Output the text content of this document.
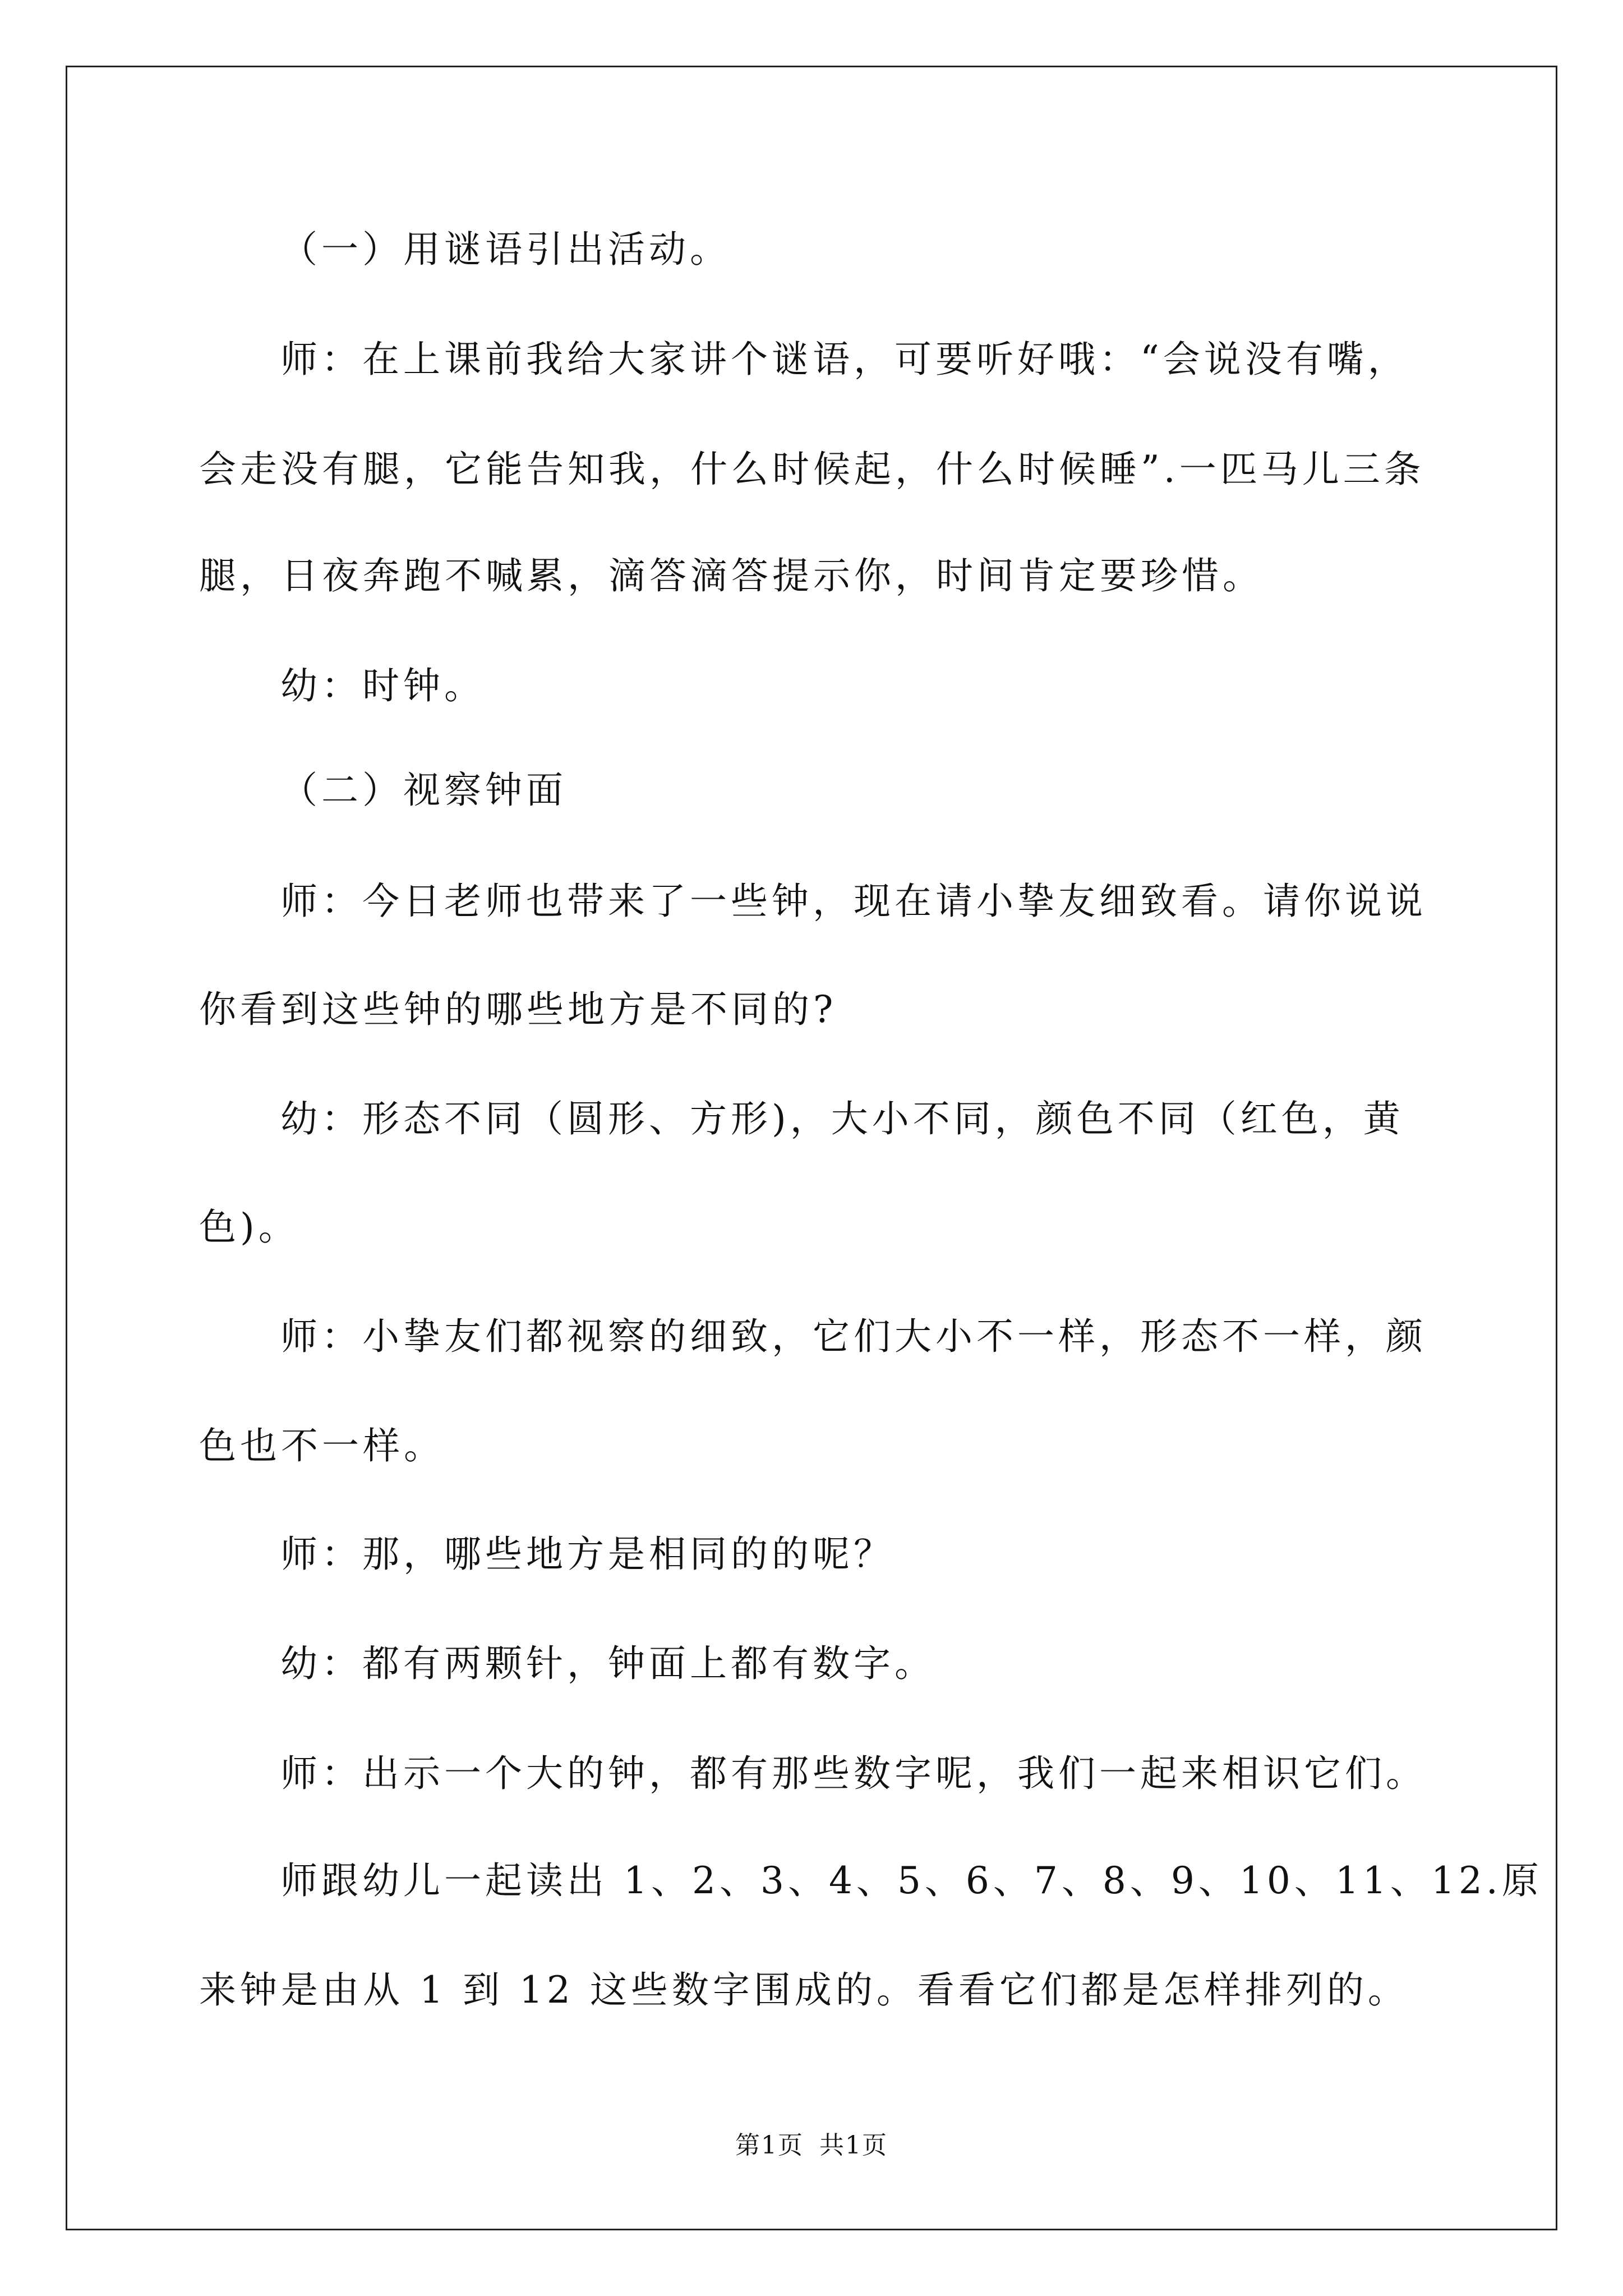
（一）用谜语引出活动。
师：在上课前我给大家讲个谜语，可要听好哦：“会说没有嘴，
会走没有腿，它能告知我，什么时候起，什么时候睡”.一匹马儿三条
腿，日夜奔跑不喊累，滴答滴答提示你，时间肯定要珍惜。
幼：时钟。
（二）视察钟面
师：今日老师也带来了一些钟，现在请小挚友细致看。请你说说
你看到这些钟的哪些地方是不同的?
幼：形态不同（圆形、方形)，大小不同，颜色不同（红色，黄
色)。
师：小挚友们都视察的细致，它们大小不一样，形态不一样，颜
色也不一样。
师：那，哪些地方是相同的的呢？
幼：都有两颗针，钟面上都有数字。
师：出示一个大的钟，都有那些数字呢，我们一起来相识它们。
师跟幼儿一起读出 1、2、3、4、5、6、7、8、9、10、11、12.原
来钟是由从 1 到 12 这些数字围成的。看看它们都是怎样排列的。
第1页 共1页
